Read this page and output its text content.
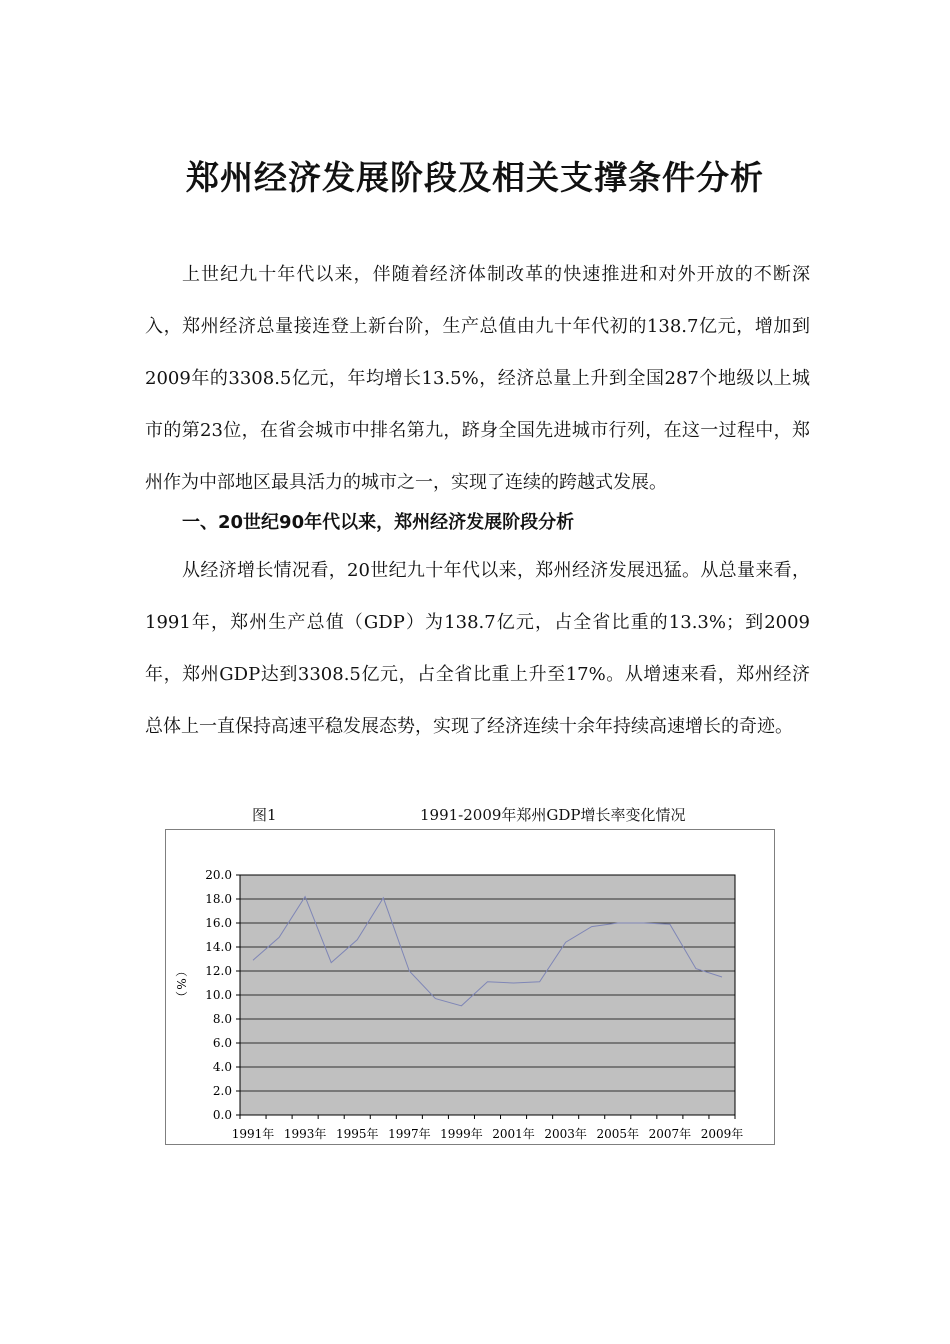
郑州经济发展阶段及相关支撑条件分析

上世纪九十年代以来，伴随着经济体制改革的快速推进和对外开放的不断深入，郑州经济总量接连登上新台阶，生产总值由九十年代初的138.7亿元，增加到2009年的3308.5亿元，年均增长13.5%，经济总量上升到全国287个地级以上城市的第23位，在省会城市中排名第九，跻身全国先进城市行列，在这一过程中，郑州作为中部地区最具活力的城市之一，实现了连续的跨越式发展。

一、20世纪90年代以来，郑州经济发展阶段分析

从经济增长情况看，20世纪九十年代以来，郑州经济发展迅猛。从总量来看，1991年，郑州生产总值（GDP）为138.7亿元，占全省比重的13.3%；到2009年，郑州GDP达到3308.5亿元，占全省比重上升至17%。从增速来看，郑州经济总体上一直保持高速平稳发展态势，实现了经济连续十余年持续高速增长的奇迹。

图1	1991-2009年郑州GDP增长率变化情况
0.0
2.0
4.0
6.0
8.0
10.0
12.0
14.0
16.0
18.0
20.0
1991年 1993年 1995年 1997年 1999年 2001年 2003年 2005年 2007年 2009年
（
%
）
